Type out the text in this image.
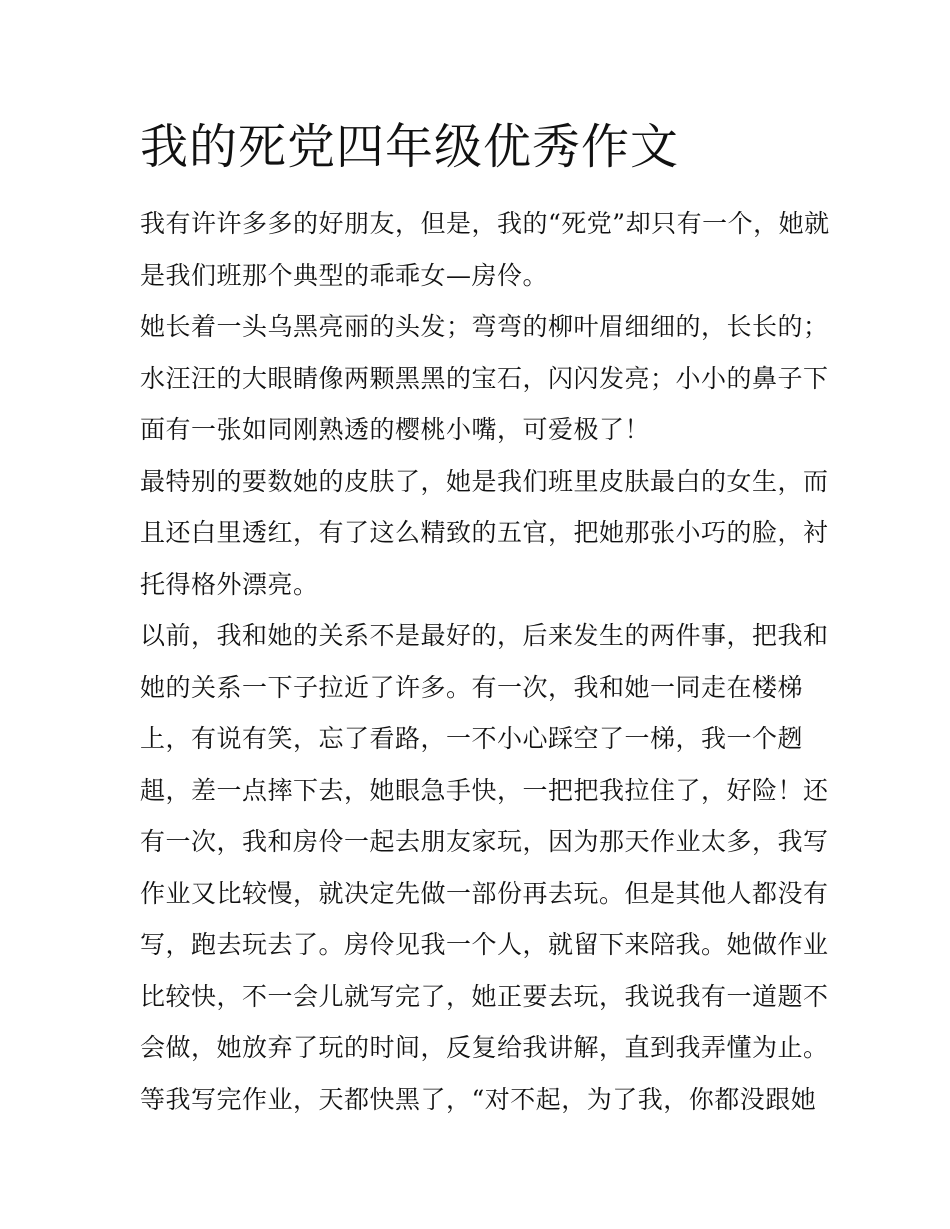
我的死党四年级优秀作文
我有许许多多的好朋友，但是，我的“死党”却只有一个，她就
是我们班那个典型的乖乖女—房伶。
她长着一头乌黑亮丽的头发；弯弯的柳叶眉细细的，长长的；
水汪汪的大眼睛像两颗黑黑的宝石，闪闪发亮；小小的鼻子下
面有一张如同刚熟透的樱桃小嘴，可爱极了！
最特别的要数她的皮肤了，她是我们班里皮肤最白的女生，而
且还白里透红，有了这么精致的五官，把她那张小巧的脸，衬
托得格外漂亮。
以前，我和她的关系不是最好的，后来发生的两件事，把我和
她的关系一下子拉近了许多。有一次，我和她一同走在楼梯
上，有说有笑，忘了看路，一不小心踩空了一梯，我一个趔
趄，差一点摔下去，她眼急手快，一把把我拉住了，好险！还
有一次，我和房伶一起去朋友家玩，因为那天作业太多，我写
作业又比较慢，就决定先做一部份再去玩。但是其他人都没有
写，跑去玩去了。房伶见我一个人，就留下来陪我。她做作业
比较快，不一会儿就写完了，她正要去玩，我说我有一道题不
会做，她放弃了玩的时间，反复给我讲解，直到我弄懂为止。
等我写完作业，天都快黑了，“对不起，为了我，你都没跟她
